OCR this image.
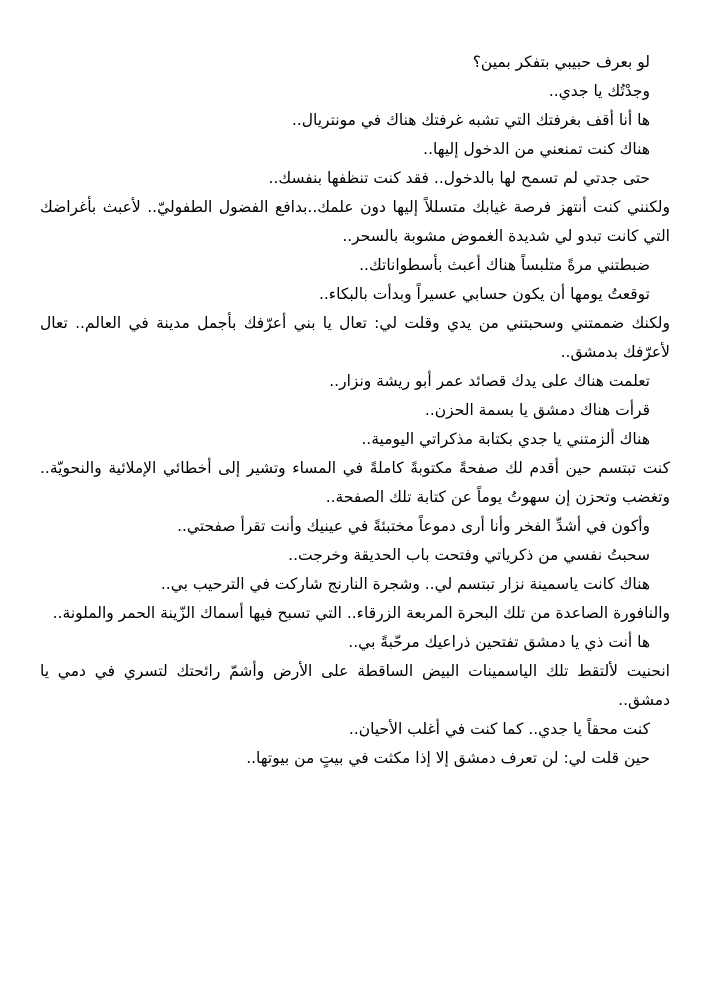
لو بعرف حبيبي بتفكر بمين؟

وجدْتُك يا جدي..

ها أنا أقف بغرفتك التي تشبه غرفتك هناك في مونتريال..

هناك كنت تمنعني من الدخول إليها..

حتى جدتي لم تسمح لها بالدخول.. فقد كنت تنظفها بنفسك..

ولكنني كنت أنتهز فرصة غيابك متسللاً إليها دون علمك..بدافع الفضول الطفوليّ.. لأعبث بأغراضك التي كانت تبدو لي شديدة الغموض مشوبة بالسحر..

ضبطتني مرةً متلبساً هناك أعبث بأسطواناتك..

توقعتُ يومها أن يكون حسابي عسيراً وبدأت بالبكاء..

ولكنك ضممتني وسحبتني من يدي وقلت لي: تعال يا بني أعرّفك بأجمل مدينة في العالم.. تعال لأعرّفك بدمشق..

تعلمت هناك على يدك قصائد عمر أبو ريشة ونزار..

قرأت هناك دمشق يا بسمة الحزن..

هناك ألزمتني يا جدي بكتابة مذكراتي اليومية..

كنت تبتسم حين أقدم لك صفحةً مكتوبةً كاملةً في المساء وتشير إلى أخطائي الإملائية والنحويّة.. وتغضب وتحزن إن سهوتُ يوماً عن كتابة تلك الصفحة..

وأكون في أشدِّ الفخر وأنا أرى دموعاً مختبئةً في عينيك وأنت تقرأ صفحتي..

سحبتُ نفسي من ذكرياتي وفتحت باب الحديقة وخرجت..

هناك كانت ياسمينة نزار تبتسم لي.. وشجرة النارنج شاركت في الترحيب بي..

والنافورة الصاعدة من تلك البحرة المربعة الزرقاء.. التي تسبح فيها أسماك الزّينة الحمر والملونة..

ها أنت ذي يا دمشق تفتحين ذراعيك مرحّبةً بي..

انحنيت لألتقط تلك الياسمينات البيض الساقطة على الأرض وأشمّ رائحتك لتسري في دمي يا دمشق..

كنت محقاً يا جدي.. كما كنت في أغلب الأحيان..

حين قلت لي: لن تعرف دمشق إلا إذا مكثت في بيتٍ من بيوتها..
